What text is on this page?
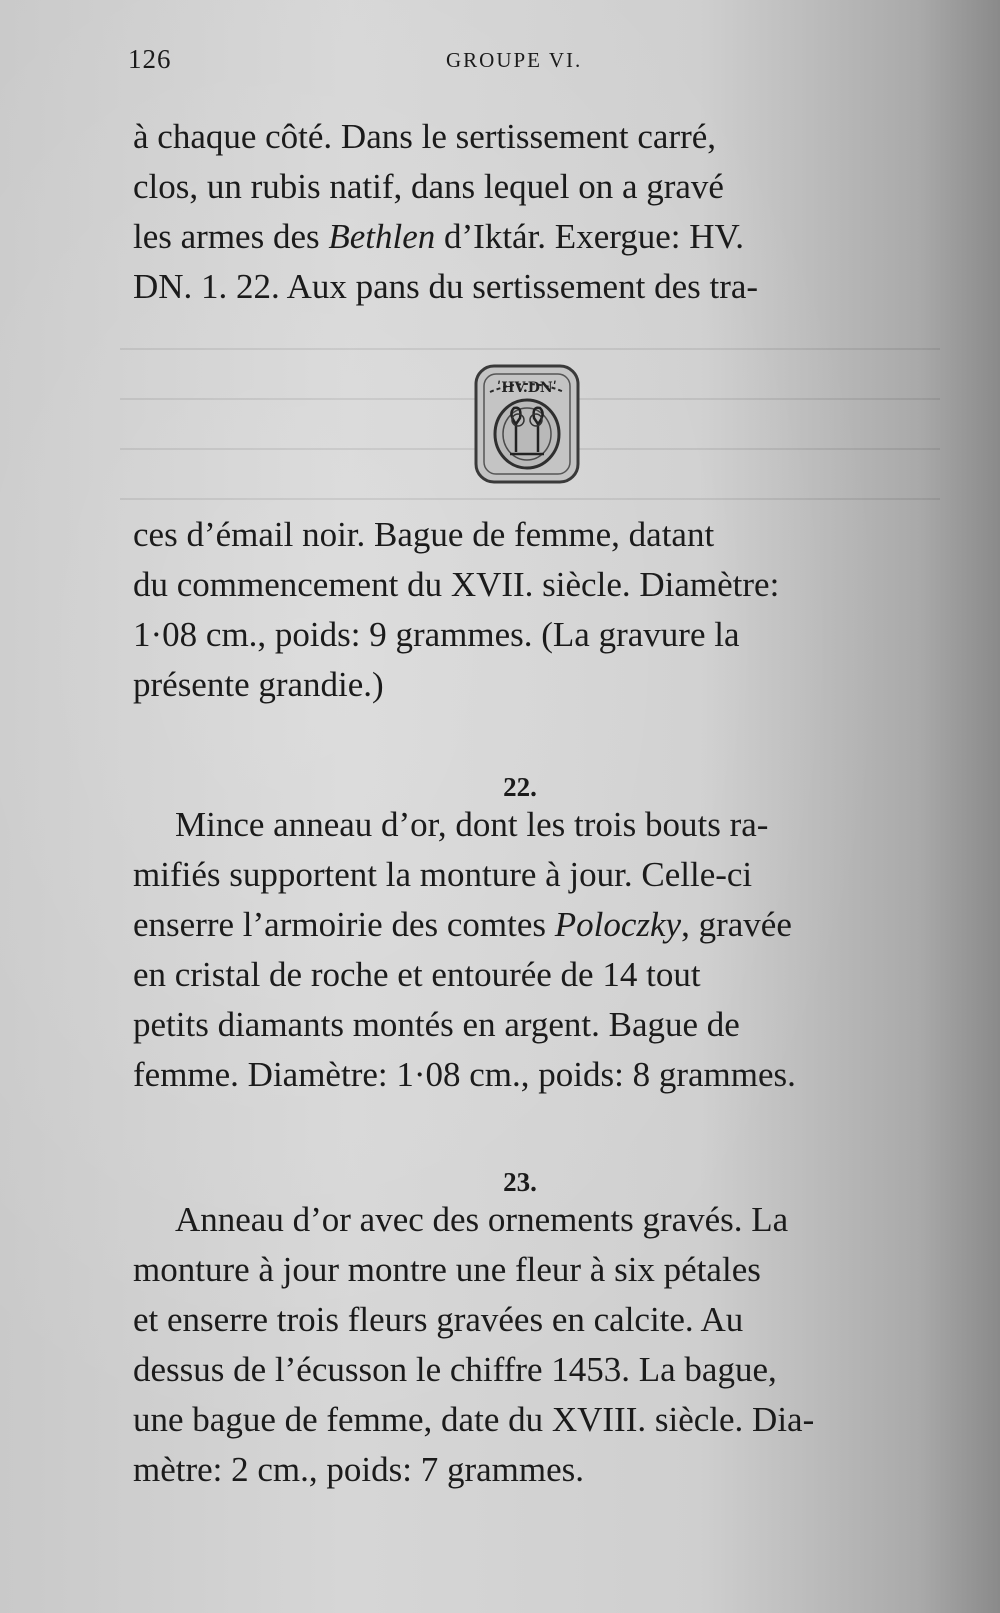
126	GROUPE VI.

à chaque côté. Dans le sertissement carré,

clos, un rubis natif, dans lequel on a gravé

les armes des Bethlen d’Iktár. Exergue: HV.

DN. 1. 22. Aux pans du sertissement des tra-

ʹHV.DNʹ

ces d’émail noir. Bague de femme, datant

du commencement du XVII. siècle. Diamètre:

1·08 cm., poids: 9 grammes. (La gravure la

présente grandie.)

22.

Mince anneau d’or, dont les trois bouts ra-

mifiés supportent la monture à jour. Celle-ci

enserre l’armoirie des comtes Poloczky, gravée

en cristal de roche et entourée de 14 tout

petits diamants montés en argent. Bague de

femme. Diamètre: 1·08 cm., poids: 8 grammes.

23.

Anneau d’or avec des ornements gravés. La

monture à jour montre une fleur à six pétales

et enserre trois fleurs gravées en calcite. Au

dessus de l’écusson le chiffre 1453. La bague,

une bague de femme, date du XVIII. siècle. Dia-

mètre: 2 cm., poids: 7 grammes.
